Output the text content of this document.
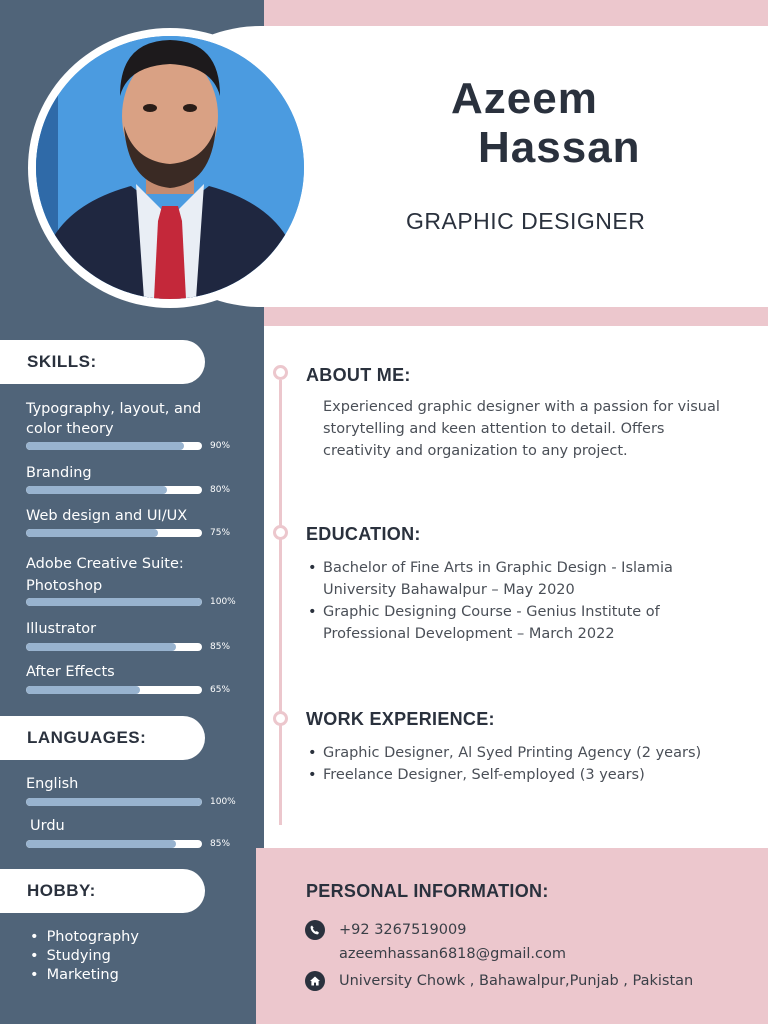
Azeem
Hassan
GRAPHIC DESIGNER
SKILLS:
Typography, layout, and
color theory
90%
Branding
80%
Web design and UI/UX
75%
Adobe Creative Suite:
Photoshop
100%
Illustrator
85%
After Effects
65%
LANGUAGES:
English
100%
Urdu
85%
HOBBY:
• Photography
• Studying
• Marketing
ABOUT ME:
Experienced graphic designer with a passion for visual
storytelling and keen attention to detail. Offers
creativity and organization to any project.
EDUCATION:
• Bachelor of Fine Arts in Graphic Design - Islamia
University Bahawalpur – May 2020
• Graphic Designing Course - Genius Institute of
Professional Development – March 2022
WORK EXPERIENCE:
• Graphic Designer, Al Syed Printing Agency (2 years)
• Freelance Designer, Self-employed (3 years)
PERSONAL INFORMATION:
+92 3267519009
azeemhassan6818@gmail.com
University Chowk , Bahawalpur,Punjab , Pakistan
